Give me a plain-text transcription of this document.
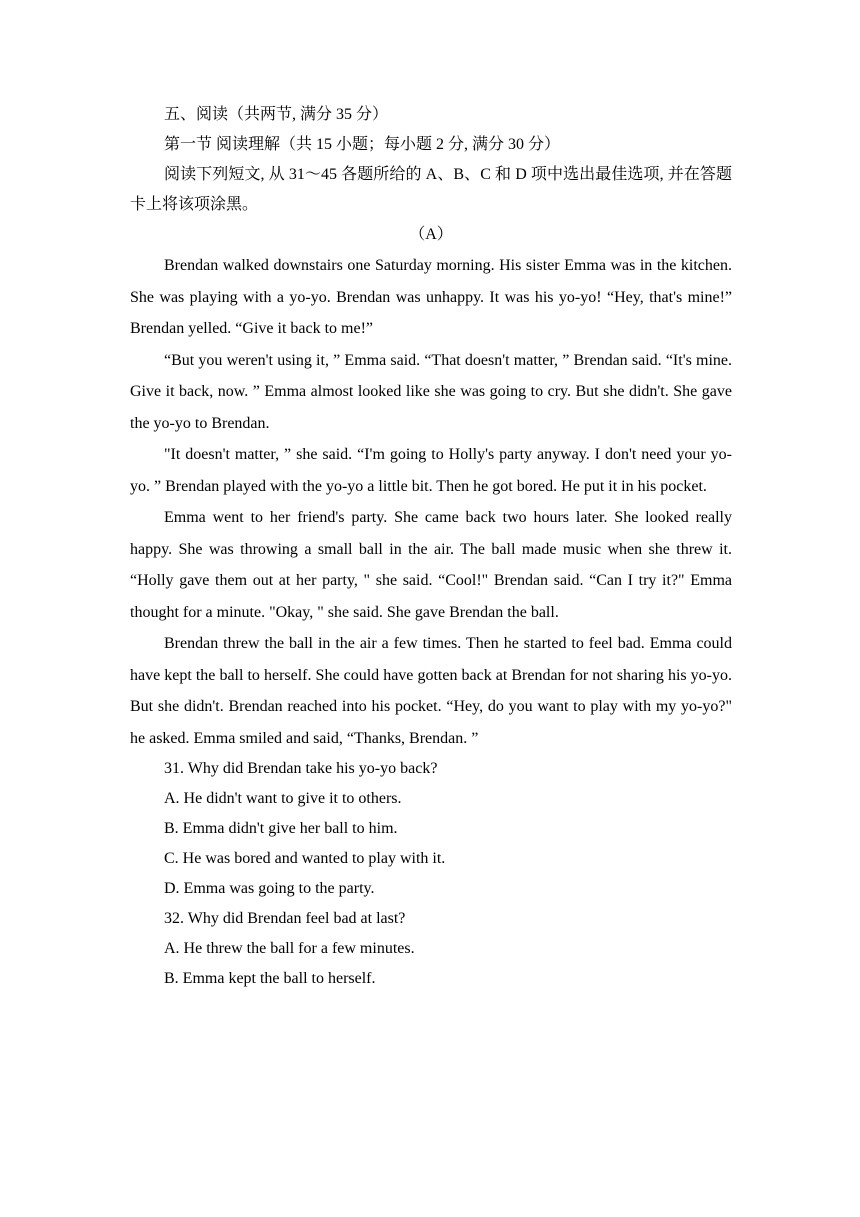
五、阅读（共两节, 满分 35 分）

第一节 阅读理解（共 15 小题；每小题 2 分, 满分 30 分）

阅读下列短文, 从 31～45 各题所给的 A、B、C 和 D 项中选出最佳选项, 并在答题卡上将该项涂黑。

（A）

Brendan walked downstairs one Saturday morning. His sister Emma was in the kitchen. She was playing with a yo-yo. Brendan was unhappy. It was his yo-yo! “Hey, that's mine!” Brendan yelled. “Give it back to me!”

“But you weren't using it, ” Emma said. “That doesn't matter, ” Brendan said. “It's mine. Give it back, now. ” Emma almost looked like she was going to cry. But she didn't. She gave the yo-yo to Brendan.

"It doesn't matter, ” she said. “I'm going to Holly's party anyway. I don't need your yo-yo. ” Brendan played with the yo-yo a little bit. Then he got bored. He put it in his pocket.

Emma went to her friend's party. She came back two hours later. She looked really happy. She was throwing a small ball in the air. The ball made music when she threw it. “Holly gave them out at her party, " she said. “Cool!" Brendan said. “Can I try it?" Emma thought for a minute. "Okay, " she said. She gave Brendan the ball.

Brendan threw the ball in the air a few times. Then he started to feel bad. Emma could have kept the ball to herself. She could have gotten back at Brendan for not sharing his yo-yo. But she didn't. Brendan reached into his pocket. “Hey, do you want to play with my yo-yo?" he asked. Emma smiled and said, “Thanks, Brendan. ”

31. Why did Brendan take his yo-yo back?

A. He didn't want to give it to others.

B. Emma didn't give her ball to him.

C. He was bored and wanted to play with it.

D. Emma was going to the party.

32. Why did Brendan feel bad at last?

A. He threw the ball for a few minutes.

B. Emma kept the ball to herself.
